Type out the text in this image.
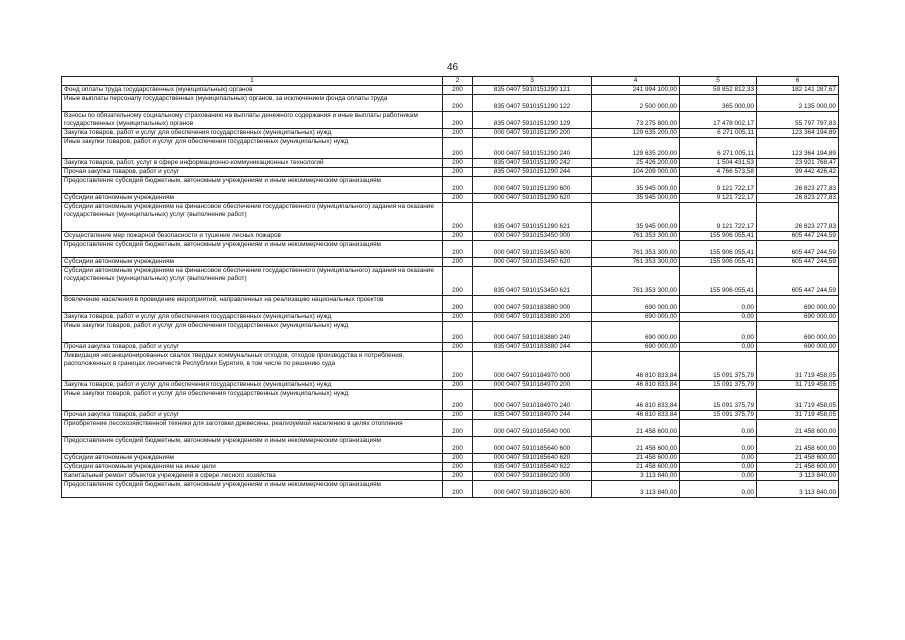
46
1	2	3	4	5	6
Фонд оплаты труда государственных (муниципальных) органов	200	835 0407 5910151290 121	241 994 100,00	59 852 812,33	182 141 287,67
Иные выплаты персоналу государственных (муниципальных) органов, за исключением фонда оплаты труда	200	835 0407 5910151290 122	2 500 000,00	365 000,00	2 135 000,00
Взносы по обязательному социальному страхованию на выплаты денежного содержания и иные выплаты работникам государственных (муниципальных) органов	200	835 0407 5910151290 129	73 275 800,00	17 478 002,17	55 797 797,83
Закупка товаров, работ и услуг для обеспечения государственных (муниципальных) нужд	200	000 0407 5910151290 200	129 635 200,00	6 271 005,11	123 364 194,89
Иные закупки товаров, работ и услуг для обеспечения государственных (муниципальных) нужд	200	000 0407 5910151290 240	129 635 200,00	6 271 005,11	123 364 194,89
Закупка товаров, работ, услуг в сфере информационно-коммуникационных технологий	200	835 0407 5910151290 242	25 426 200,00	1 504 431,53	23 921 768,47
Прочая закупка товаров, работ и услуг	200	835 0407 5910151290 244	104 209 000,00	4 766 573,58	99 442 426,42
Предоставление субсидий бюджетным, автономным учреждениям и иным некоммерческим организациям	200	000 0407 5910151290 600	35 945 000,00	9 121 722,17	26 823 277,83
Субсидии автономным учреждениям	200	000 0407 5910151290 620	35 945 000,00	9 121 722,17	26 823 277,83
Субсидии автономным учреждениям на финансовое обеспечение государственного (муниципального) задания на оказание государственных (муниципальных) услуг (выполнение работ)	200	835 0407 5910151290 621	35 945 000,00	9 121 722,17	26 823 277,83
Осуществление мер пожарной безопасности и тушение лесных пожаров	200	000 0407 5910153450 000	761 353 300,00	155 906 055,41	605 447 244,59
Предоставление субсидий бюджетным, автономным учреждениям и иным некоммерческим организациям	200	000 0407 5910153450 600	761 353 300,00	155 906 055,41	605 447 244,59
Субсидии автономным учреждениям	200	000 0407 5910153450 620	761 353 300,00	155 906 055,41	605 447 244,59
Субсидии автономным учреждениям на финансовое обеспечение государственного (муниципального) задания на оказание государственных (муниципальных) услуг (выполнение работ)	200	835 0407 5910153450 621	761 353 300,00	155 906 055,41	605 447 244,59
Вовлечение населения в проведение мероприятий, направленных на реализацию национальных проектов	200	000 0407 5910183880 000	690 000,00	0,00	690 000,00
Закупка товаров, работ и услуг для обеспечения государственных (муниципальных) нужд	200	000 0407 5910183880 200	690 000,00	0,00	690 000,00
Иные закупки товаров, работ и услуг для обеспечения государственных (муниципальных) нужд	200	000 0407 5910183880 240	690 000,00	0,00	690 000,00
Прочая закупка товаров, работ и услуг	200	835 0407 5910183880 244	690 000,00	0,00	690 000,00
Ликвидация несанкционированных свалок твердых коммунальных отходов, отходов производства и потребления, расположенных в границах лесничеств Республики Бурятия, в том числе по решению суда	200	000 0407 5910184970 000	46 810 833,84	15 091 375,79	31 719 458,05
Закупка товаров, работ и услуг для обеспечения государственных (муниципальных) нужд	200	000 0407 5910184970 200	46 810 833,84	15 091 375,79	31 719 458,05
Иные закупки товаров, работ и услуг для обеспечения государственных (муниципальных) нужд	200	000 0407 5910184970 240	46 810 833,84	15 091 375,79	31 719 458,05
Прочая закупка товаров, работ и услуг	200	835 0407 5910184970 244	46 810 833,84	15 091 375,79	31 719 458,05
Приобретение лесохозяйственной техники для заготовки древесины, реализуемой населению в целях отопления	200	000 0407 5910185640 000	21 458 600,00	0,00	21 458 600,00
Предоставление субсидий бюджетным, автономным учреждениям и иным некоммерческим организациям	200	000 0407 5910185640 600	21 458 600,00	0,00	21 458 600,00
Субсидии автономным учреждениям	200	000 0407 5910185640 620	21 458 600,00	0,00	21 458 600,00
Субсидии автономным учреждениям на иные цели	200	835 0407 5910185640 622	21 458 600,00	0,00	21 458 600,00
Капитальный ремонт объектов учреждений в сфере лесного хозяйства	200	000 0407 5910186020 000	3 113 840,00	0,00	3 113 840,00
Предоставление субсидий бюджетным, автономным учреждениям и иным некоммерческим организациям	200	000 0407 5910186020 600	3 113 840,00	0,00	3 113 840,00
